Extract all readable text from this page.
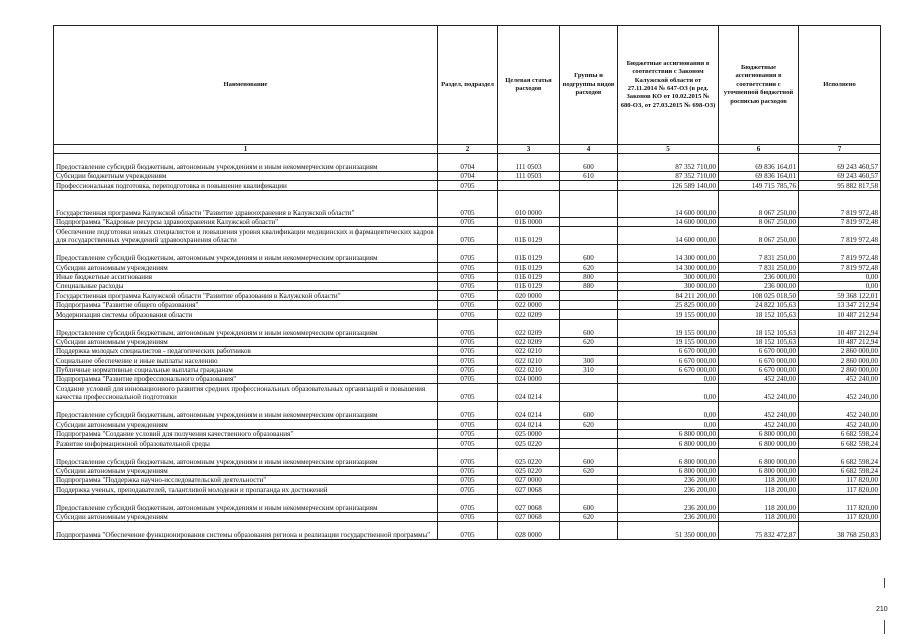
Наименование	Раздел, подраздел	Целевая статья расходов	Группы и подгруппы видов расходов	Бюджетные ассигнования в соответствии с Законом Калужской области от 27.11.2014 № 647-ОЗ (в ред. Законов КО от 10.02.2015 № 680-ОЗ, от 27.03.2015 № 698-ОЗ)	Бюджетные ассигнования в соответствии с уточненной бюджетной росписью расходов	Исполнено
1	2	3	4	5	6	7
Предоставление субсидий бюджетным, автономным учреждениям и иным некоммерческим организациям	0704	111 0503	600	87 352 710,00	69 836 164,01	69 243 460,57
Субсидии бюджетным учреждениям	0704	111 0503	610	87 352 710,00	69 836 164,01	69 243 460,57
Профессиональная подготовка, переподготовка и повышение квалификации	0705			126 589 140,00	149 715 785,76	95 882 817,58
Государственная программа Калужской области "Развитие здравоохранения в Калужской области"	0705	010 0000		14 600 000,00	8 067 250,00	7 819 972,48
Подпрограмма "Кадровые ресурсы здравоохранения Калужской области"	0705	01Б 0000		14 600 000,00	8 067 250,00	7 819 972,48
Обеспечение подготовки новых специалистов и повышения уровня квалификации медицинских и фармацевтических кадров для государственных учреждений здравоохранения области	0705	01Б 0129		14 600 000,00	8 067 250,00	7 819 972,48
Предоставление субсидий бюджетным, автономным учреждениям и иным некоммерческим организациям	0705	01Б 0129	600	14 300 000,00	7 831 250,00	7 819 972,48
Субсидии автономным учреждениям	0705	01Б 0129	620	14 300 000,00	7 831 250,00	7 819 972,48
Иные бюджетные ассигнования	0705	01Б 0129	800	300 000,00	236 000,00	0,00
Специальные расходы	0705	01Б 0129	880	300 000,00	236 000,00	0,00
Государственная программа Калужской области "Развитие образования в Калужской области"	0705	020 0000		84 211 200,00	108 025 018,50	59 368 122,01
Подпрограмма "Развитие общего образования"	0705	022 0000		25 825 000,00	24 822 105,63	13 347 212,94
Модернизация системы образования области	0705	022 0209		19 155 000,00	18 152 105,63	10 487 212,94
Предоставление субсидий бюджетным, автономным учреждениям и иным некоммерческим организациям	0705	022 0209	600	19 155 000,00	18 152 105,63	10 487 212,94
Субсидии автономным учреждениям	0705	022 0209	620	19 155 000,00	18 152 105,63	10 487 212,94
Поддержка молодых специалистов - педагогических работников	0705	022 0210		6 670 000,00	6 670 000,00	2 860 000,00
Социальное обеспечение и иные выплаты населению	0705	022 0210	300	6 670 000,00	6 670 000,00	2 860 000,00
Публичные нормативные социальные выплаты гражданам	0705	022 0210	310	6 670 000,00	6 670 000,00	2 860 000,00
Подпрограмма "Развитие профессионального образования"	0705	024 0000		0,00	452 240,00	452 240,00
Создание условий для инновационного развития средних профессиональных образовательных организаций и повышения качества профессиональной подготовки	0705	024 0214		0,00	452 240,00	452 240,00
Предоставление субсидий бюджетным, автономным учреждениям и иным некоммерческим организациям	0705	024 0214	600	0,00	452 240,00	452 240,00
Субсидии автономным учреждениям	0705	024 0214	620	0,00	452 240,00	452 240,00
Подпрограмма "Создание условий для получения качественного образования"	0705	025 0000		6 800 000,00	6 800 000,00	6 682 598,24
Развитие информационной образовательной среды	0705	025 0220		6 800 000,00	6 800 000,00	6 682 598,24
Предоставление субсидий бюджетным, автономным учреждениям и иным некоммерческим организациям	0705	025 0220	600	6 800 000,00	6 800 000,00	6 682 598,24
Субсидии автономным учреждениям	0705	025 0220	620	6 800 000,00	6 800 000,00	6 682 598,24
Подпрограмма "Поддержка научно-исследовательской деятельности"	0705	027 0000		236 200,00	118 200,00	117 820,00
Поддержка ученых, преподавателей, талантливой молодежи и пропаганда их достижений	0705	027 0068		236 200,00	118 200,00	117 820,00
Предоставление субсидий бюджетным, автономным учреждениям и иным некоммерческим организациям	0705	027 0068	600	236 200,00	118 200,00	117 820,00
Субсидии автономным учреждениям	0705	027 0068	620	236 200,00	118 200,00	117 820,00
Подпрограмма "Обеспечение функционирования системы образования региона и реализации государственной программы"	0705	028 0000		51 350 000,00	75 832 472,87	38 768 250,83
210
